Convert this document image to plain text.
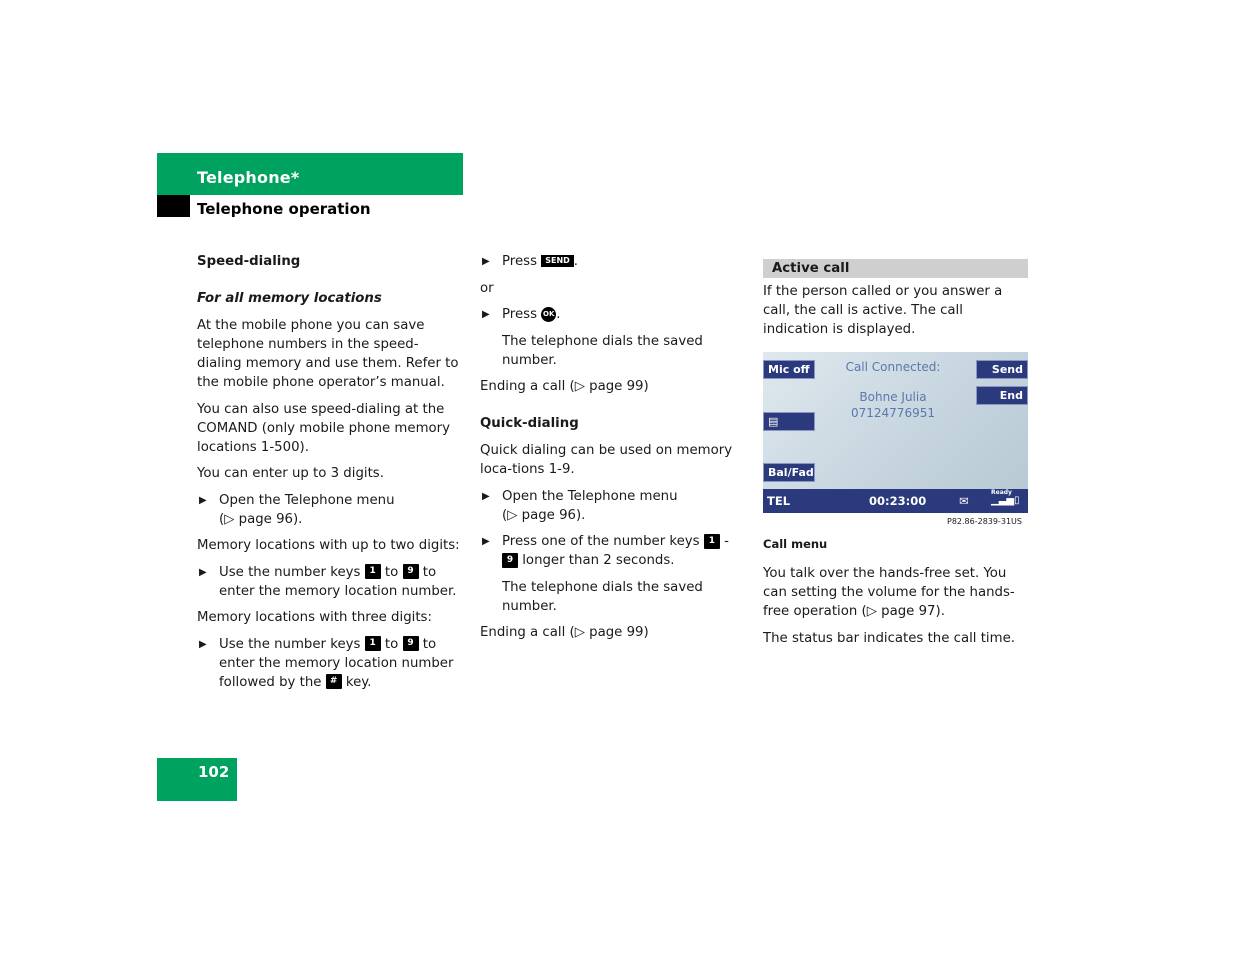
Telephone*
Telephone operation

Speed-dialing

For all memory locations

At the mobile phone you can save telephone numbers in the speed-dialing memory and use them. Refer to the mobile phone operator’s manual.

You can also use speed-dialing at the COMAND (only mobile phone memory locations 1-500).

You can enter up to 3 digits.

▶ Open the Telephone menu
(▷ page 96).

Memory locations with up to two digits:

▶ Use the number keys 1 to 9 to enter the memory location number.

Memory locations with three digits:

▶ Use the number keys 1 to 9 to enter the memory location number followed by the # key.
▶ Press SEND .

or

▶ Press OK .

The telephone dials the saved number.

Ending a call (▷ page 99)

Quick-dialing

Quick dialing can be used on memory loca-tions 1-9.

▶ Open the Telephone menu
(▷ page 96).
▶ Press one of the number keys 1 - 9 longer than 2 seconds.

The telephone dials the saved number.

Ending a call (▷ page 99)

Active call

If the person called or you answer a call, the call is active. The call indication is displayed.

Mic off	Send
End
▤
Bal/Fad
Call Connected:
Bohne Julia
07124776951
TEL	00:23:00	✉
Ready
▁▃▅▯
P82.86-2839-31US

Call menu

You talk over the hands-free set. You can setting the volume for the hands-free operation (▷ page 97).

The status bar indicates the call time.

102
